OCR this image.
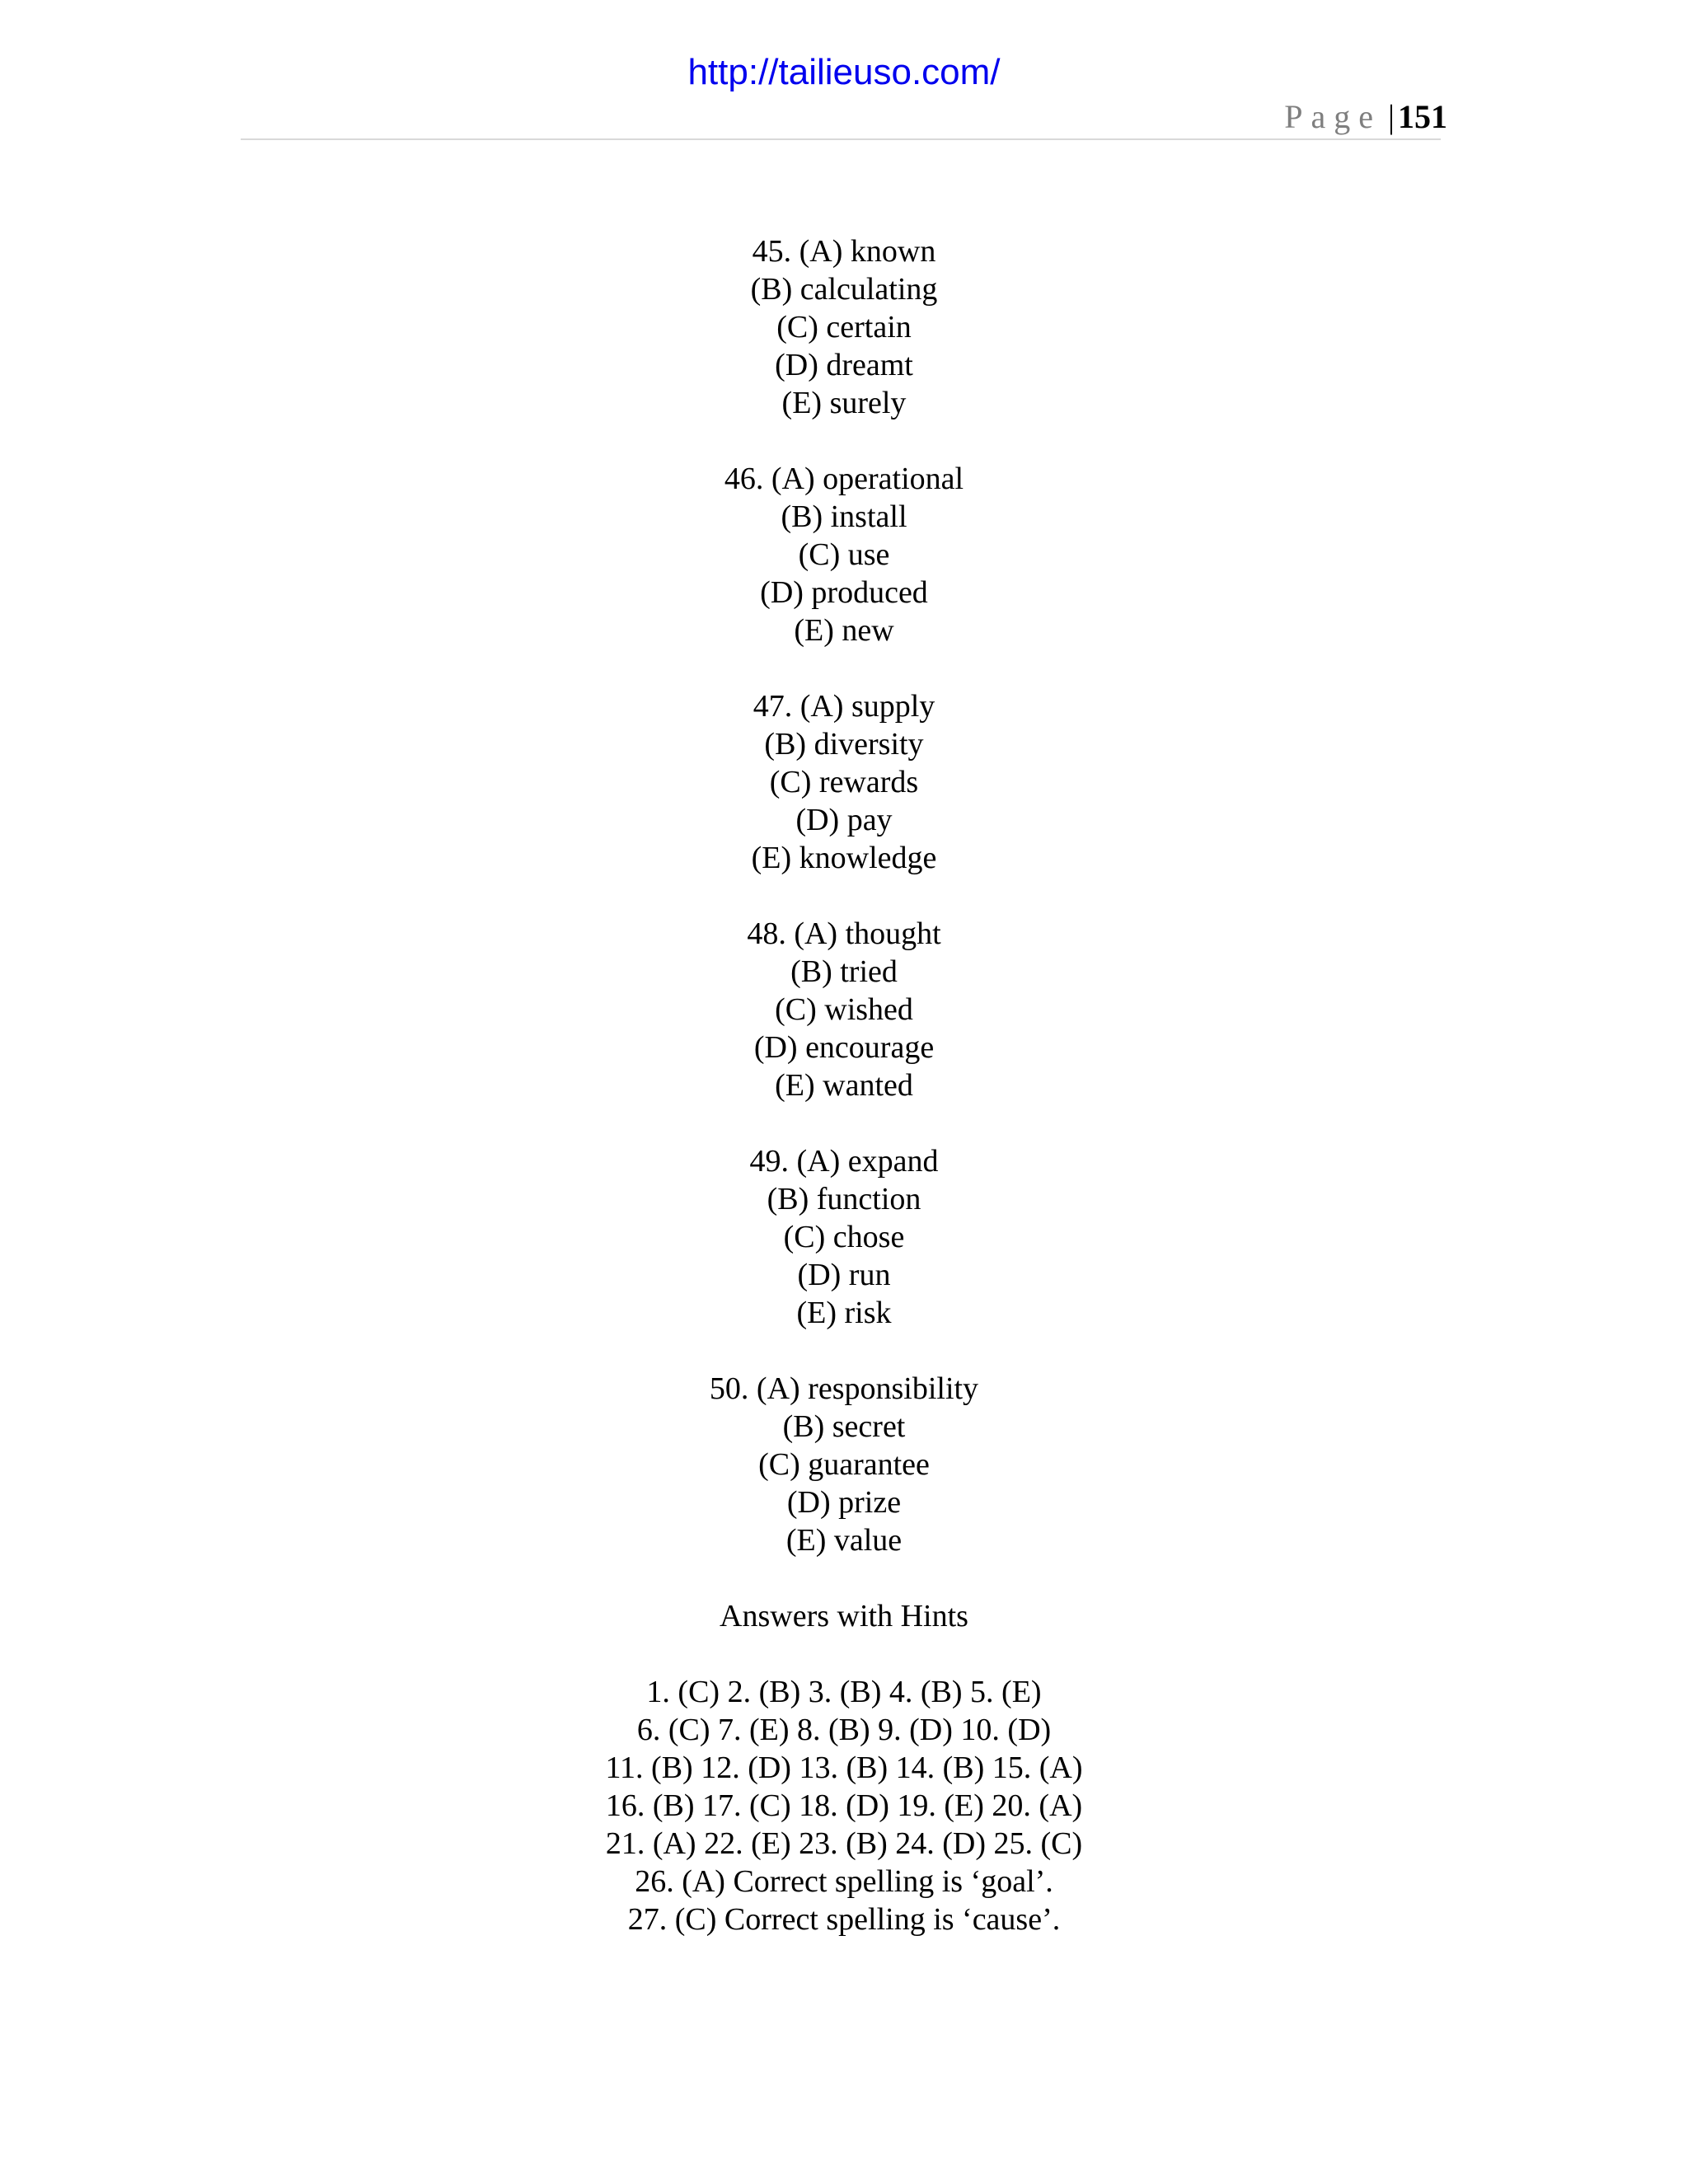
http://tailieuso.com/
Page | 151
45. (A) known
(B) calculating
(C) certain
(D) dreamt
(E) surely
46. (A) operational
(B) install
(C) use
(D) produced
(E) new
47. (A) supply
(B) diversity
(C) rewards
(D) pay
(E) knowledge
48. (A) thought
(B) tried
(C) wished
(D) encourage
(E) wanted
49. (A) expand
(B) function
(C) chose
(D) run
(E) risk
50. (A) responsibility
(B) secret
(C) guarantee
(D) prize
(E) value
Answers with Hints
1. (C) 2. (B) 3. (B) 4. (B) 5. (E)
6. (C) 7. (E) 8. (B) 9. (D) 10. (D)
11. (B) 12. (D) 13. (B) 14. (B) 15. (A)
16. (B) 17. (C) 18. (D) 19. (E) 20. (A)
21. (A) 22. (E) 23. (B) 24. (D) 25. (C)
26. (A) Correct spelling is ‘goal’.
27. (C) Correct spelling is ‘cause’.
